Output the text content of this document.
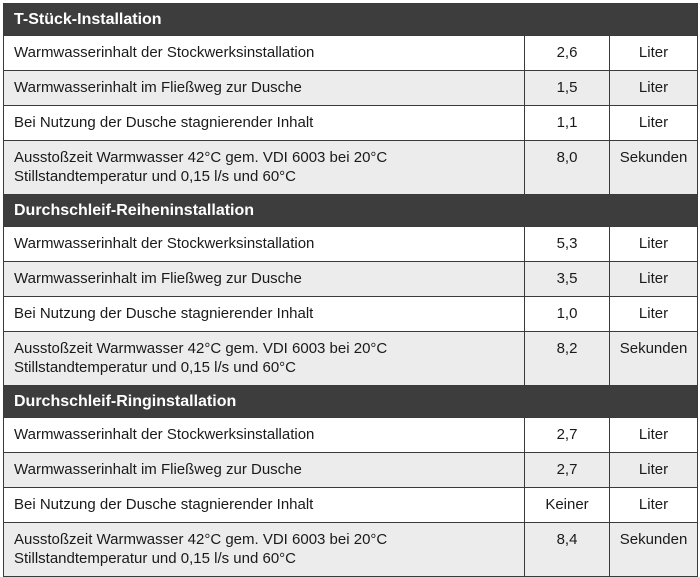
T-Stück-Installation		
Warmwasserinhalt der Stockwerksinstallation	2,6	Liter
Warmwasserinhalt im Fließweg zur Dusche	1,5	Liter
Bei Nutzung der Dusche stagnierender Inhalt	1,1	Liter
Ausstoßzeit Warmwasser 42°C gem. VDI 6003 bei 20°C Stillstandtemperatur und 0,15 l/s und 60°C	8,0	Sekunden
Durchschleif-Reiheninstallation		
Warmwasserinhalt der Stockwerksinstallation	5,3	Liter
Warmwasserinhalt im Fließweg zur Dusche	3,5	Liter
Bei Nutzung der Dusche stagnierender Inhalt	1,0	Liter
Ausstoßzeit Warmwasser 42°C gem. VDI 6003 bei 20°C Stillstandtemperatur und 0,15 l/s und 60°C	8,2	Sekunden
Durchschleif-Ringinstallation		
Warmwasserinhalt der Stockwerksinstallation	2,7	Liter
Warmwasserinhalt im Fließweg zur Dusche	2,7	Liter
Bei Nutzung der Dusche stagnierender Inhalt	Keiner	Liter
Ausstoßzeit Warmwasser 42°C gem. VDI 6003 bei 20°C Stillstandtemperatur und 0,15 l/s und 60°C	8,4	Sekunden
